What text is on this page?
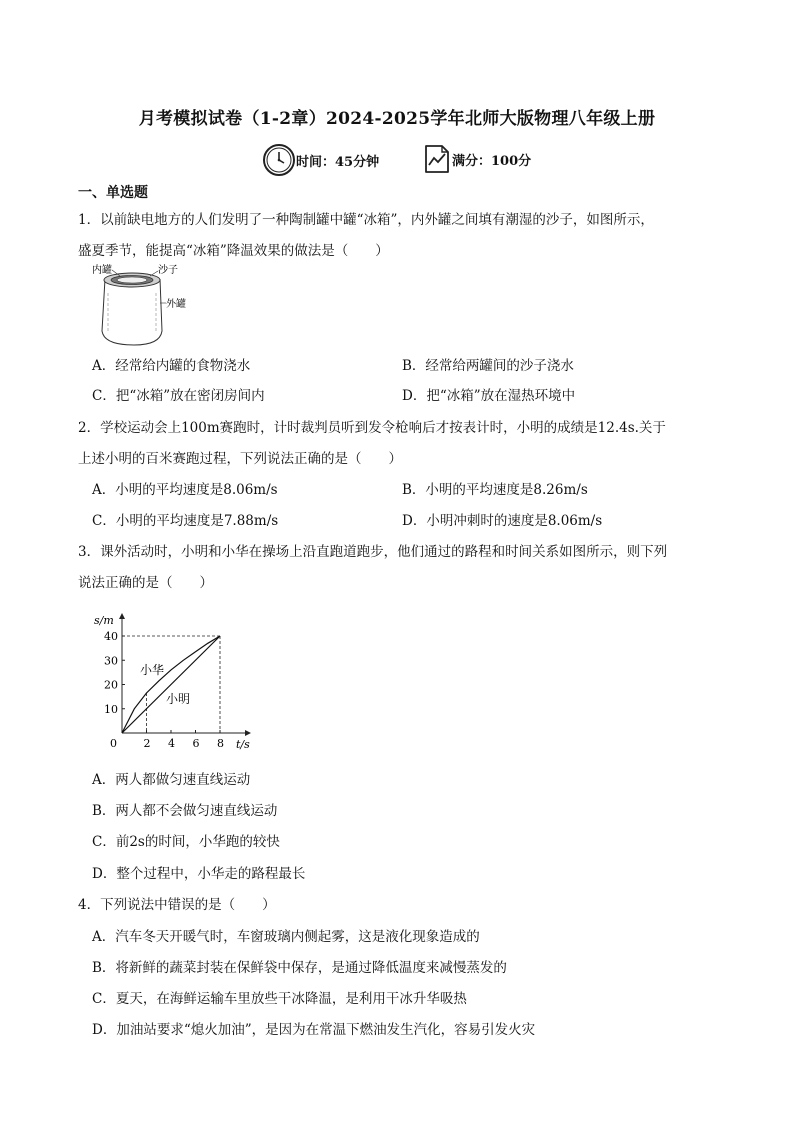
月考模拟试卷（1-2章）2024-2025学年北师大版物理八年级上册
时间：45分钟	满分：100分
一、单选题
1．以前缺电地方的人们发明了一种陶制罐中罐“冰箱”，内外罐之间填有潮湿的沙子，如图所示，
盛夏季节，能提高“冰箱”降温效果的做法是（　　）
内罐	沙子
外罐
A．经常给内罐的食物浇水	B．经常给两罐间的沙子浇水
C．把“冰箱”放在密闭房间内	D．把“冰箱”放在湿热环境中
2．学校运动会上100m赛跑时，计时裁判员听到发令枪响后才按表计时，小明的成绩是12.4s.关于
上述小明的百米赛跑过程，下列说法正确的是（　　）
A．小明的平均速度是8.06m/s	B．小明的平均速度是8.26m/s
C．小明的平均速度是7.88m/s	D．小明冲刺时的速度是8.06m/s
3．课外活动时，小明和小华在操场上沿直跑道跑步，他们通过的路程和时间关系如图所示，则下列
说法正确的是（　　）
0 2 4 6 8
10
20
30
40
s/m
t/s
小华
小明
A．两人都做匀速直线运动
B．两人都不会做匀速直线运动
C．前2s的时间，小华跑的较快
D．整个过程中，小华走的路程最长
4．下列说法中错误的是（　　）
A．汽车冬天开暖气时，车窗玻璃内侧起雾，这是液化现象造成的
B．将新鲜的蔬菜封装在保鲜袋中保存，是通过降低温度来减慢蒸发的
C．夏天，在海鲜运输车里放些干冰降温，是利用干冰升华吸热
D．加油站要求“熄火加油”，是因为在常温下燃油发生汽化，容易引发火灾
